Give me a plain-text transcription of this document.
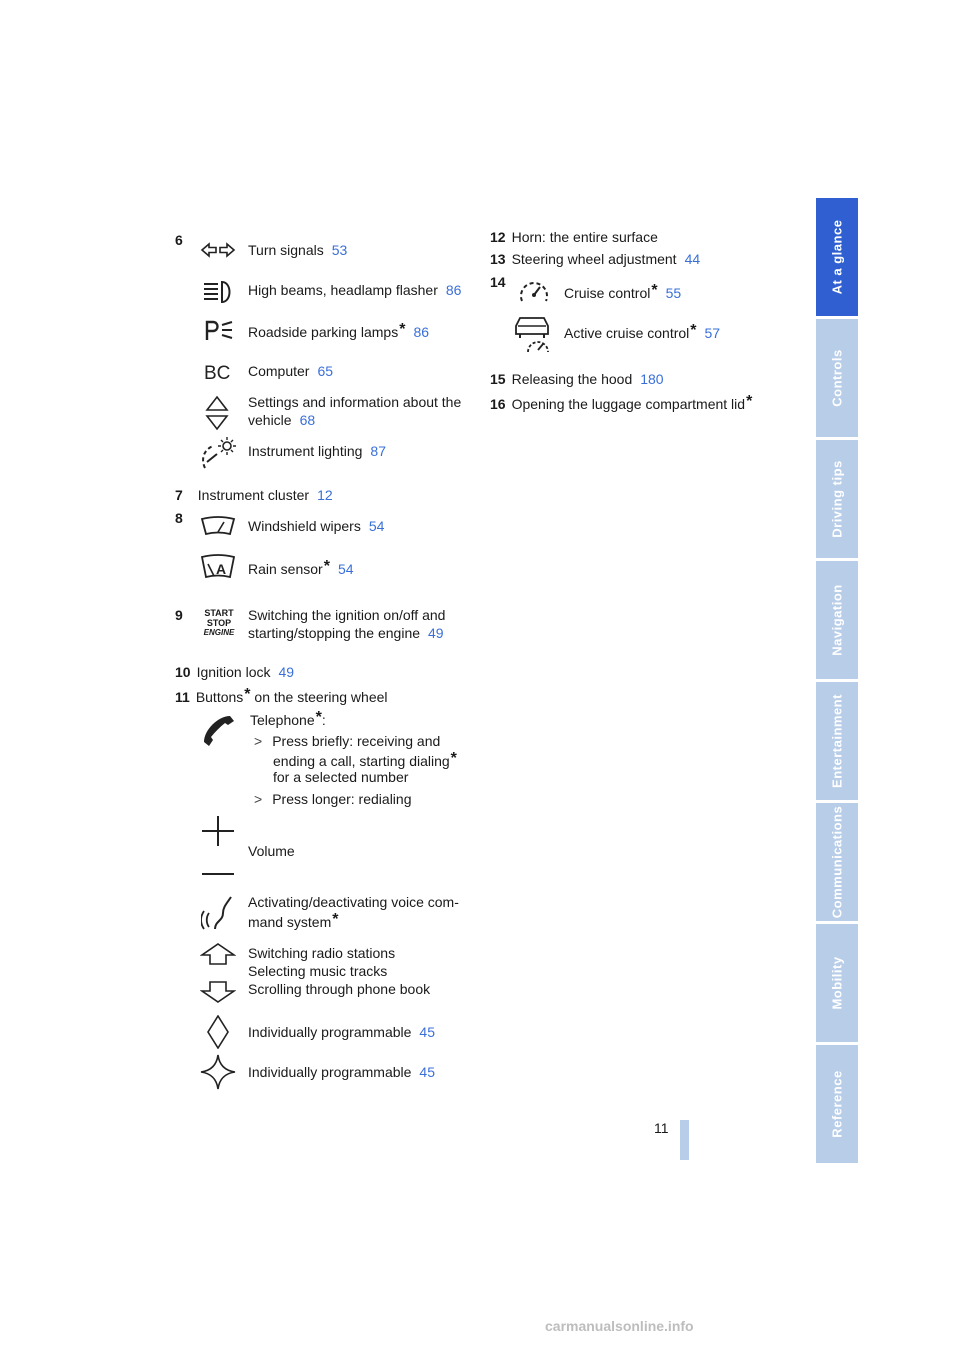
6
Turn signals 53
High beams, headlamp flasher 86
Roadside parking lamps* 86
BC Computer 65
Settings and information about the
vehicle 68
Instrument lighting 87
7 Instrument cluster 12
8	Windshield wipers 54
A Rain sensor* 54
9	START
STOP
ENGINE
Switching the ignition on/off and
starting/stopping the engine 49
10 Ignition lock 49
11 Buttons* on the steering wheel
Telephone*:
> Press briefly: receiving and
ending a call, starting dialing*
for a selected number
> Press longer: redialing
Volume
Activating/deactivating voice com-
mand system*
Switching radio stations
Selecting music tracks
Scrolling through phone book
Individually programmable 45
Individually programmable 45
12 Horn: the entire surface
13 Steering wheel adjustment 44
14
Cruise control* 55
Active cruise control* 57
15 Releasing the hood 180
16 Opening the luggage compartment lid*
At a glance
Controls
Driving tips
Navigation
Entertainment
Communications
Mobility
Reference
11
carmanualsonline.info
